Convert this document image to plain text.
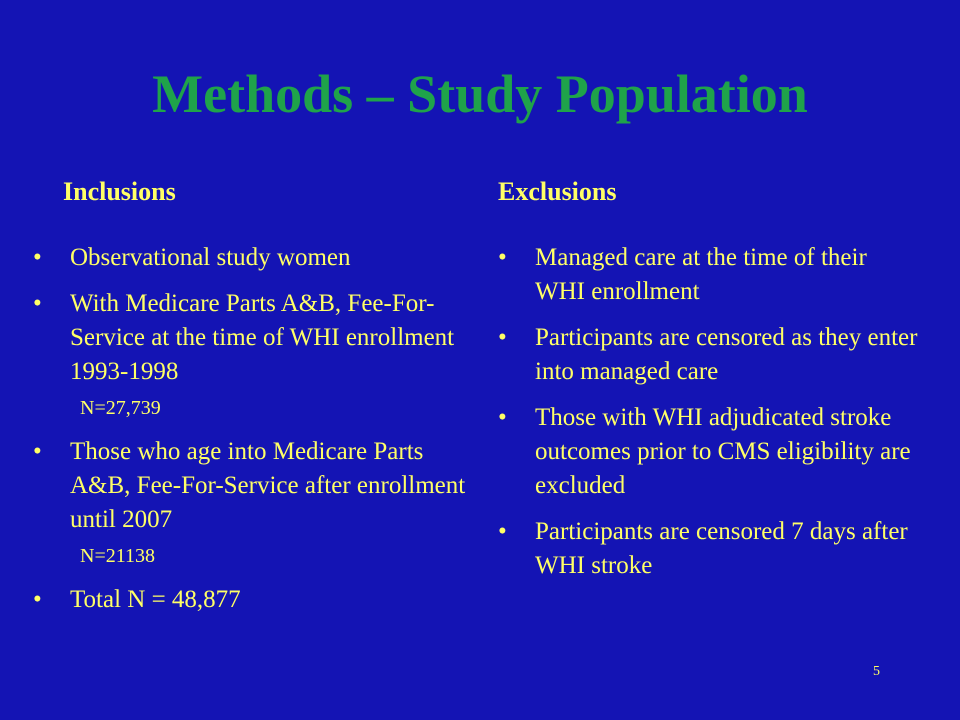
Methods – Study Population
Inclusions	Exclusions
• Observational study women
• With Medicare Parts A&B, Fee-For-Service at the time of WHI enrollment 1993-1998
N=27,739
• Those who age into Medicare Parts A&B, Fee-For-Service after enrollment until 2007
N=21138
• Total N = 48,877
• Managed care at the time of their WHI enrollment
• Participants are censored as they enter into managed care
• Those with WHI adjudicated stroke outcomes prior to CMS eligibility are excluded
• Participants are censored 7 days after WHI stroke
5
